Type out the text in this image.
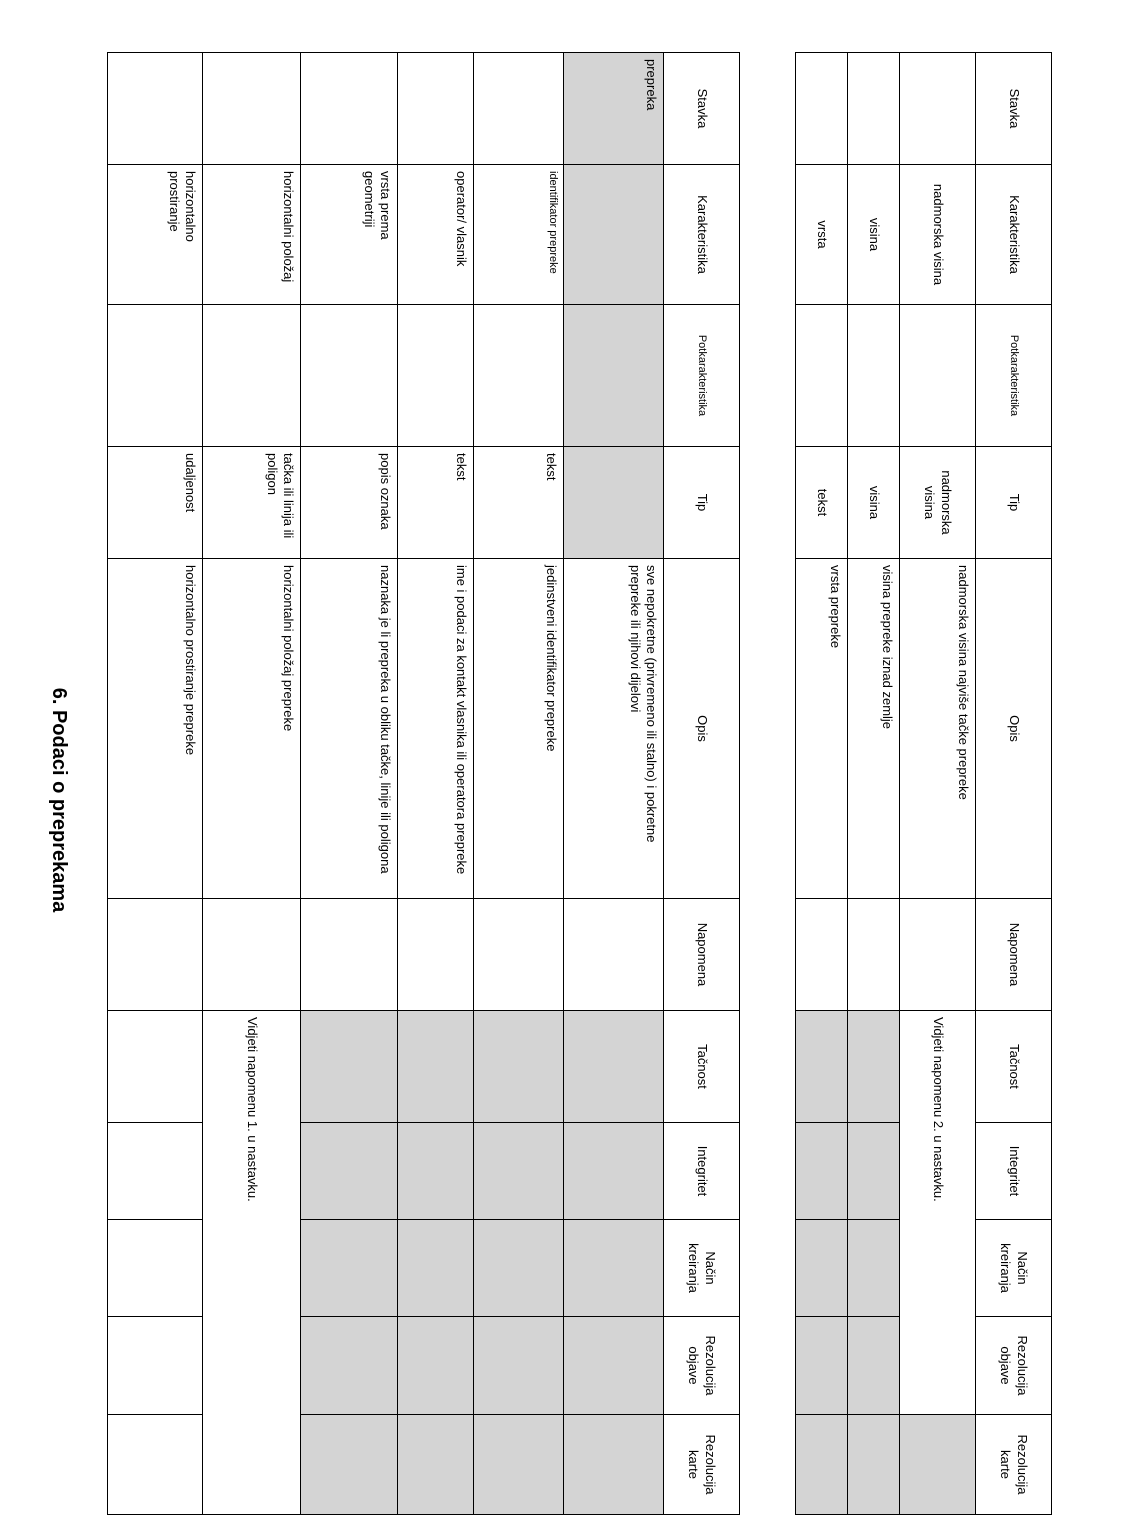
6. Podaci o preprekama
Stavka	Karakteristika	Potkarakteristika	Tip	Opis	Napomena	Tačnost	Integritet	Način kreiranja	Rezolucija objave	Rezolucija karte
prepreka				sve nepokretne (privremeno ili stalno) i pokretne prepreke ili njihovi dijelovi						
	identifikator prepreke		tekst	jedinstveni identifikator prepreke						
	operator/ vlasnik		tekst	ime i podaci za kontakt vlasnika ili operatora prepreke						
	vrsta prema geometriji		popis oznaka	naznaka je li prepreka u obliku tačke, linije ili poligona						
	horizontalni položaj		tačka ili linija ili poligon	horizontalni položaj prepreke		Vidjeti napomenu 1. u nastavku.				
	horizontalno prostiranje		udaljenost	horizontalno prostiranje prepreke						
Stavka	Karakteristika	Potkarakteristika	Tip	Opis	Napomena	Tačnost	Integritet	Način kreiranja	Rezolucija objave	Rezolucija karte
	nadmorska visina		nadmorska visina	nadmorska visina najviše tačke prepreke		Vidjeti napomenu 2. u nastavku.				
	visina		visina	visina prepreke iznad zemlje						
	vrsta		tekst	vrsta prepreke						
